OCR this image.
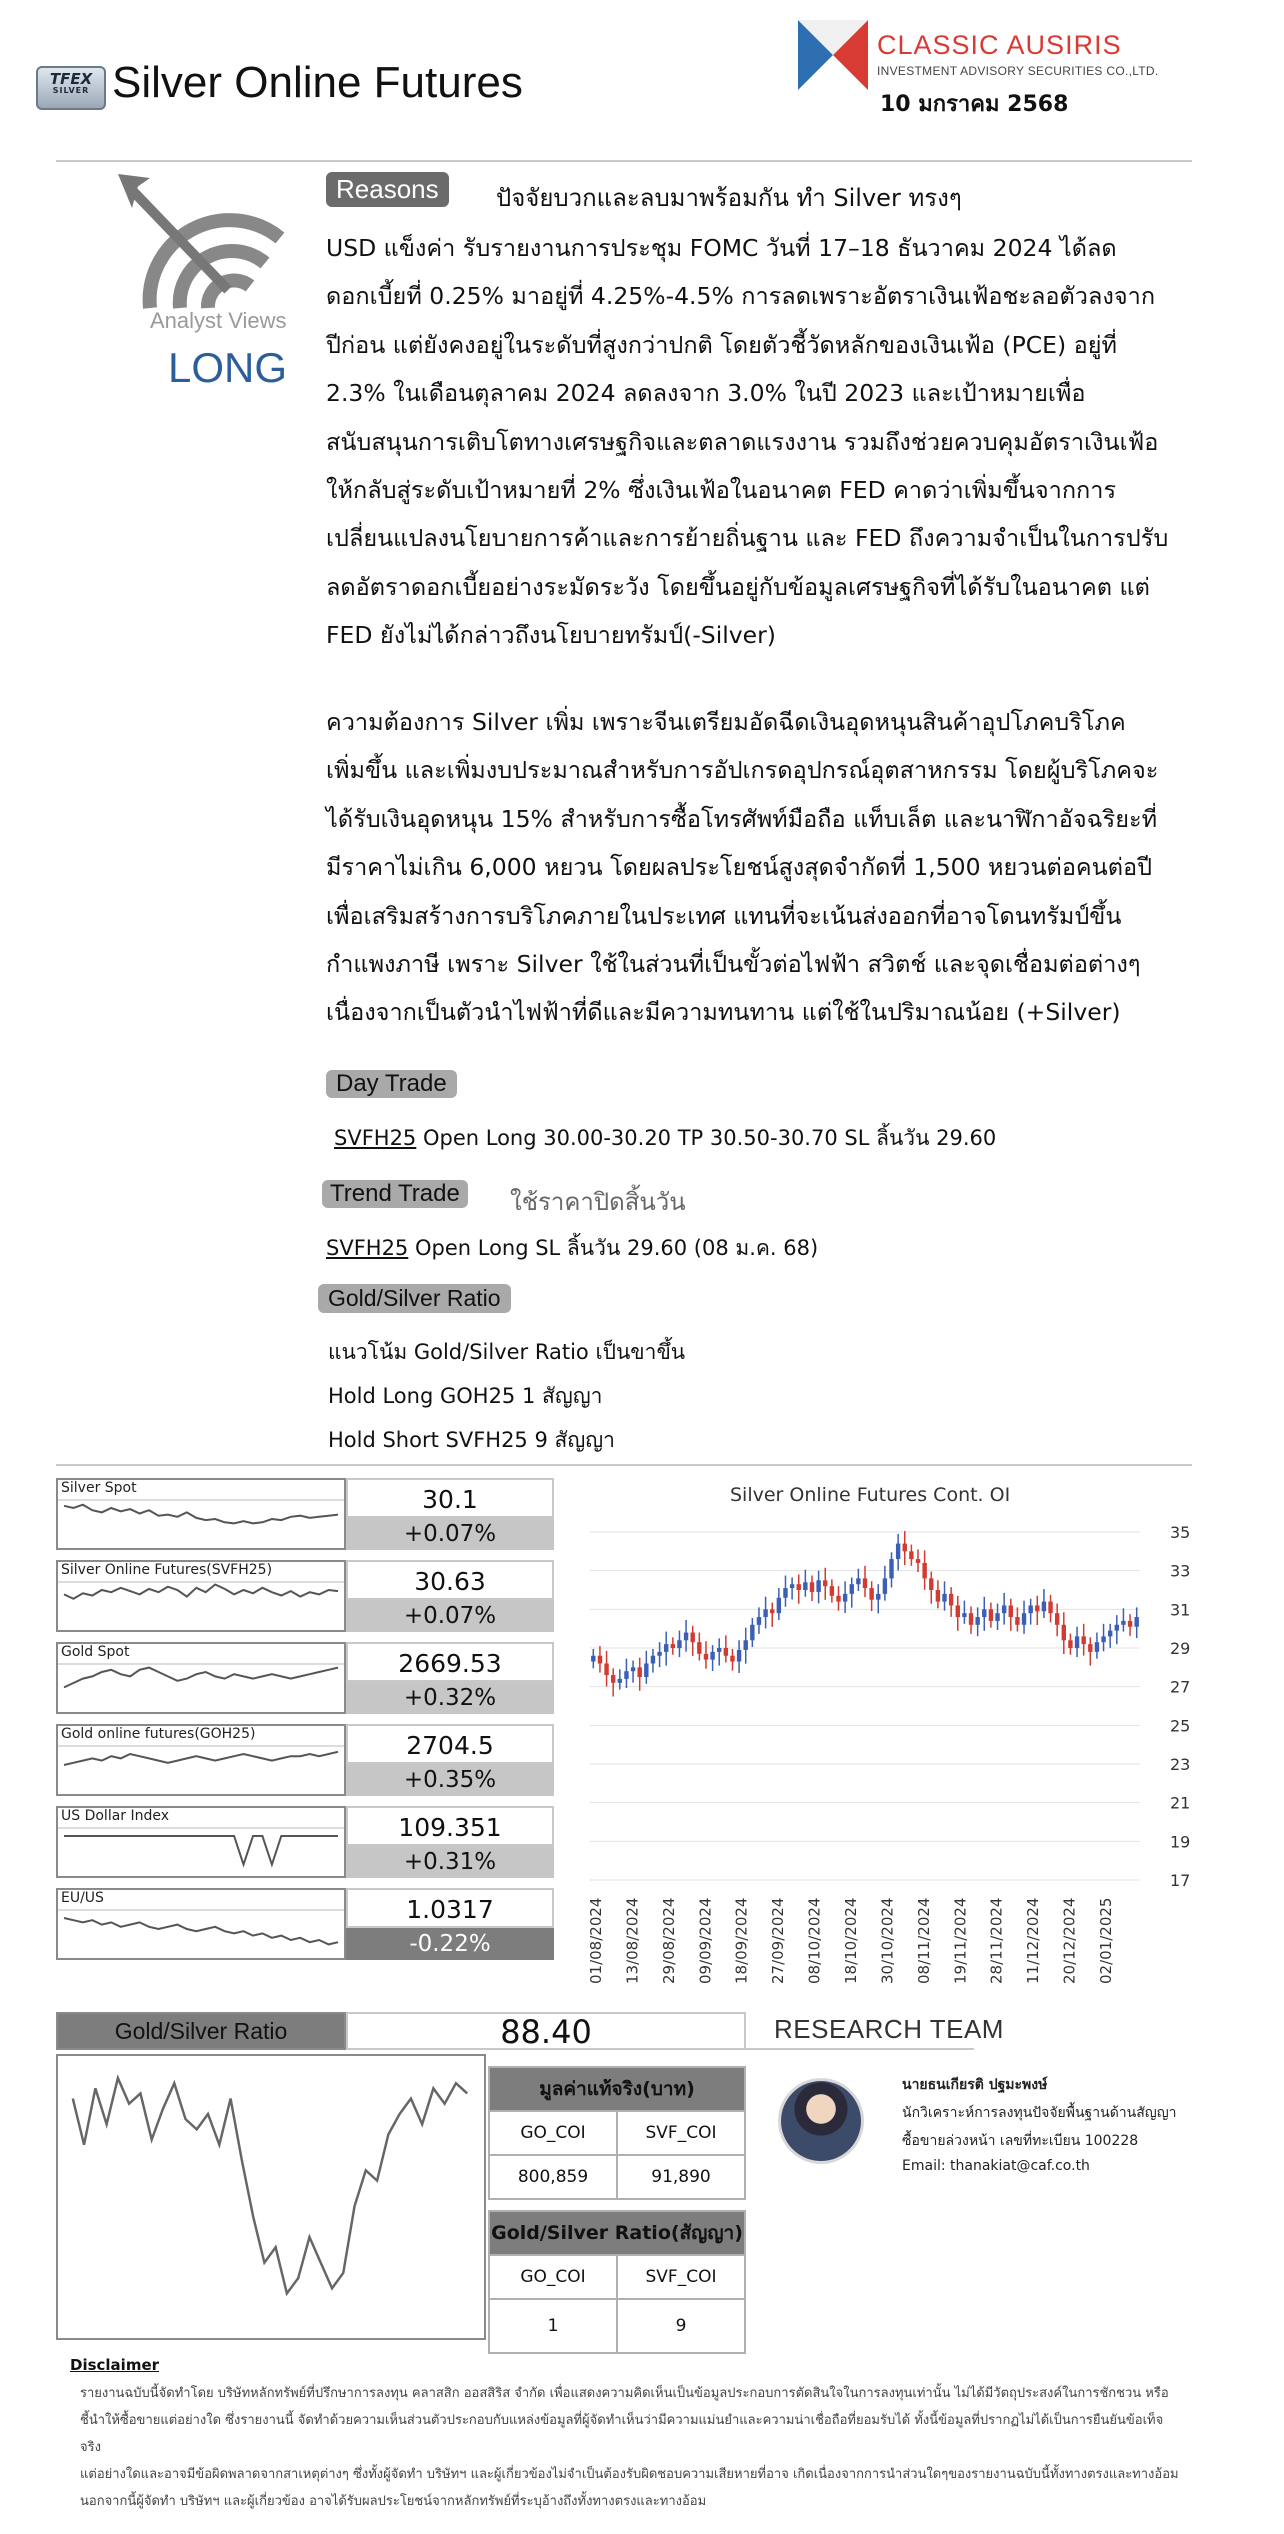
TFEX
SILVER Silver Online Futures
CLASSIC AUSIRIS
INVESTMENT ADVISORY SECURITIES CO.,LTD.
10 มกราคม 2568
Analyst Views
LONG
Reasons	ปัจจัยบวกและลบมาพร้อมกัน ทำ Silver ทรงๆ
USD แข็งค่า รับรายงานการประชุม FOMC วันที่ 17–18 ธันวาคม 2024 ได้ลด
ดอกเบี้ยที่ 0.25% มาอยู่ที่ 4.25%-4.5% การลดเพราะอัตราเงินเฟ้อชะลอตัวลงจาก
ปีก่อน แต่ยังคงอยู่ในระดับที่สูงกว่าปกติ โดยตัวชี้วัดหลักของเงินเฟ้อ (PCE) อยู่ที่
2.3% ในเดือนตุลาคม 2024 ลดลงจาก 3.0% ในปี 2023 และเป้าหมายเพื่อ
สนับสนุนการเติบโตทางเศรษฐกิจและตลาดแรงงาน รวมถึงช่วยควบคุมอัตราเงินเฟ้อ
ให้กลับสู่ระดับเป้าหมายที่ 2% ซึ่งเงินเฟ้อในอนาคต FED คาดว่าเพิ่มขึ้นจากการ
เปลี่ยนแปลงนโยบายการค้าและการย้ายถิ่นฐาน และ FED ถึงความจำเป็นในการปรับ
ลดอัตราดอกเบี้ยอย่างระมัดระวัง โดยขึ้นอยู่กับข้อมูลเศรษฐกิจที่ได้รับในอนาคต แต่
FED ยังไม่ได้กล่าวถึงนโยบายทรัมป์(-Silver)
ความต้องการ Silver เพิ่ม เพราะจีนเตรียมอัดฉีดเงินอุดหนุนสินค้าอุปโภคบริโภค
เพิ่มขึ้น และเพิ่มงบประมาณสำหรับการอัปเกรดอุปกรณ์อุตสาหกรรม โดยผู้บริโภคจะ
ได้รับเงินอุดหนุน 15% สำหรับการซื้อโทรศัพท์มือถือ แท็บเล็ต และนาฬิกาอัจฉริยะที่
มีราคาไม่เกิน 6,000 หยวน โดยผลประโยชน์สูงสุดจำกัดที่ 1,500 หยวนต่อคนต่อปี
เพื่อเสริมสร้างการบริโภคภายในประเทศ แทนที่จะเน้นส่งออกที่อาจโดนทรัมป์ขึ้น
กำแพงภาษี เพราะ Silver ใช้ในส่วนที่เป็นขั้วต่อไฟฟ้า สวิตช์ และจุดเชื่อมต่อต่างๆ
เนื่องจากเป็นตัวนำไฟฟ้าที่ดีและมีความทนทาน แต่ใช้ในปริมาณน้อย (+Silver)
Day Trade
SVFH25 Open Long 30.00-30.20 TP 30.50-30.70 SL ลิ้นวัน 29.60
Trend Trade	ใช้ราคาปิดสิ้นวัน
SVFH25 Open Long SL ลิ้นวัน 29.60 (08 ม.ค. 68)
Gold/Silver Ratio
แนวโน้ม Gold/Silver Ratio เป็นขาขึ้น
Hold Long GOH25 1 สัญญา
Hold Short SVFH25 9 สัญญา
Silver Spot	30.1
+0.07%
Silver Online Futures(SVFH25)	30.63
+0.07%
Gold Spot	2669.53
+0.32%
Gold online futures(GOH25)	2704.5
+0.35%
US Dollar Index	109.351
+0.31%
EU/US	1.0317
-0.22%
Silver Online Futures Cont. OI
35
33
31
29
27
25
23
21
19
17
01/08/2024 13/08/2024 29/08/2024 09/09/2024 18/09/2024 27/09/2024 08/10/2024 18/10/2024 30/10/2024 08/11/2024 19/11/2024 28/11/2024 11/12/2024 20/12/2024 02/01/2025
Gold/Silver Ratio	88.40	RESEARCH TEAM
มูลค่าแท้จริง(บาท)	
GO_COI	SVF_COI
800,859	91,890
Gold/Silver Ratio(สัญญา)	
GO_COI	SVF_COI
1	9
นายธนเกียรติ ปฐมะพงษ์
นักวิเคราะห์การลงทุนปัจจัยพื้นฐานด้านสัญญา
ซื้อขายล่วงหน้า เลขที่ทะเบียน 100228
Email: thanakiat@caf.co.th
Disclaimer
รายงานฉบับนี้จัดทำโดย บริษัทหลักทรัพย์ที่ปรึกษาการลงทุน คลาสสิก ออสสิริส จำกัด เพื่อแสดงความคิดเห็นเป็นข้อมูลประกอบการตัดสินใจในการลงทุนเท่านั้น ไม่ได้มีวัตถุประสงค์ในการชักชวน หรือ
ชี้นำให้ซื้อขายแต่อย่างใด ซึ่งรายงานนี้ จัดทำด้วยความเห็นส่วนตัวประกอบกับแหล่งข้อมูลที่ผู้จัดทำเห็นว่ามีความแม่นยำและความน่าเชื่อถือที่ยอมรับได้ ทั้งนี้ข้อมูลที่ปรากฏไม่ได้เป็นการยืนยันข้อเท็จจริง
แต่อย่างใดและอาจมีข้อผิดพลาดจากสาเหตุต่างๆ ซึ่งทั้งผู้จัดทำ บริษัทฯ และผู้เกี่ยวข้องไม่จำเป็นต้องรับผิดชอบความเสียหายที่อาจ เกิดเนื่องจากการนำส่วนใดๆของรายงานฉบับนี้ทั้งทางตรงและทางอ้อม
นอกจากนี้ผู้จัดทำ บริษัทฯ และผู้เกี่ยวข้อง อาจได้รับผลประโยชน์จากหลักทรัพย์ที่ระบุอ้างถึงทั้งทางตรงและทางอ้อม
